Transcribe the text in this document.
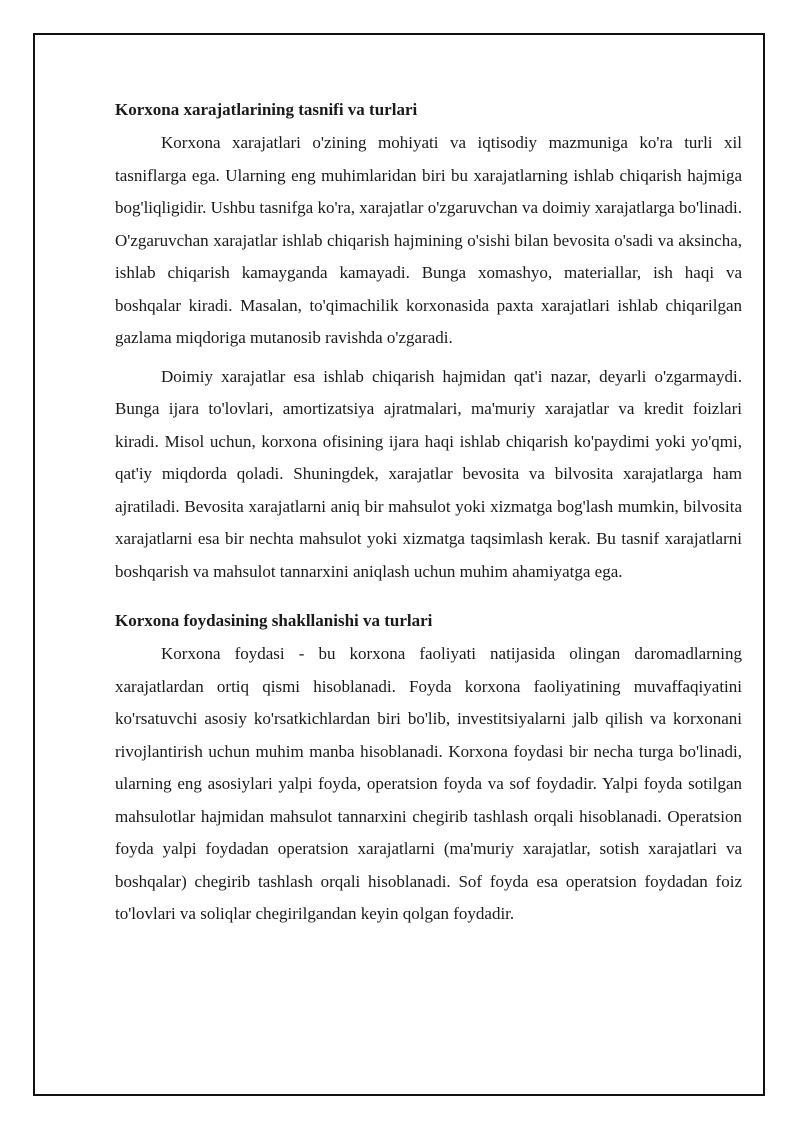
Korxona xarajatlarining tasnifi va turlari

Korxona xarajatlari o'zining mohiyati va iqtisodiy mazmuniga ko'ra turli xil tasniflarga ega. Ularning eng muhimlaridan biri bu xarajatlarning ishlab chiqarish hajmiga bog'liqligidir. Ushbu tasnifga ko'ra, xarajatlar o'zgaruvchan va doimiy xarajatlarga bo'linadi. O'zgaruvchan xarajatlar ishlab chiqarish hajmining o'sishi bilan bevosita o'sadi va aksincha, ishlab chiqarish kamayganda kamayadi. Bunga xomashyo, materiallar, ish haqi va boshqalar kiradi. Masalan, to'qimachilik korxonasida paxta xarajatlari ishlab chiqarilgan gazlama miqdoriga mutanosib ravishda o'zgaradi.

Doimiy xarajatlar esa ishlab chiqarish hajmidan qat'i nazar, deyarli o'zgarmaydi. Bunga ijara to'lovlari, amortizatsiya ajratmalari, ma'muriy xarajatlar va kredit foizlari kiradi. Misol uchun, korxona ofisining ijara haqi ishlab chiqarish ko'paydimi yoki yo'qmi, qat'iy miqdorda qoladi. Shuningdek, xarajatlar bevosita va bilvosita xarajatlarga ham ajratiladi. Bevosita xarajatlarni aniq bir mahsulot yoki xizmatga bog'lash mumkin, bilvosita xarajatlarni esa bir nechta mahsulot yoki xizmatga taqsimlash kerak. Bu tasnif xarajatlarni boshqarish va mahsulot tannarxini aniqlash uchun muhim ahamiyatga ega.

Korxona foydasining shakllanishi va turlari

Korxona foydasi - bu korxona faoliyati natijasida olingan daromadlarning xarajatlardan ortiq qismi hisoblanadi. Foyda korxona faoliyatining muvaffaqiyatini ko'rsatuvchi asosiy ko'rsatkichlardan biri bo'lib, investitsiyalarni jalb qilish va korxonani rivojlantirish uchun muhim manba hisoblanadi. Korxona foydasi bir necha turga bo'linadi, ularning eng asosiylari yalpi foyda, operatsion foyda va sof foydadir. Yalpi foyda sotilgan mahsulotlar hajmidan mahsulot tannarxini chegirib tashlash orqali hisoblanadi. Operatsion foyda yalpi foydadan operatsion xarajatlarni (ma'muriy xarajatlar, sotish xarajatlari va boshqalar) chegirib tashlash orqali hisoblanadi. Sof foyda esa operatsion foydadan foiz to'lovlari va soliqlar chegirilgandan keyin qolgan foydadir.
